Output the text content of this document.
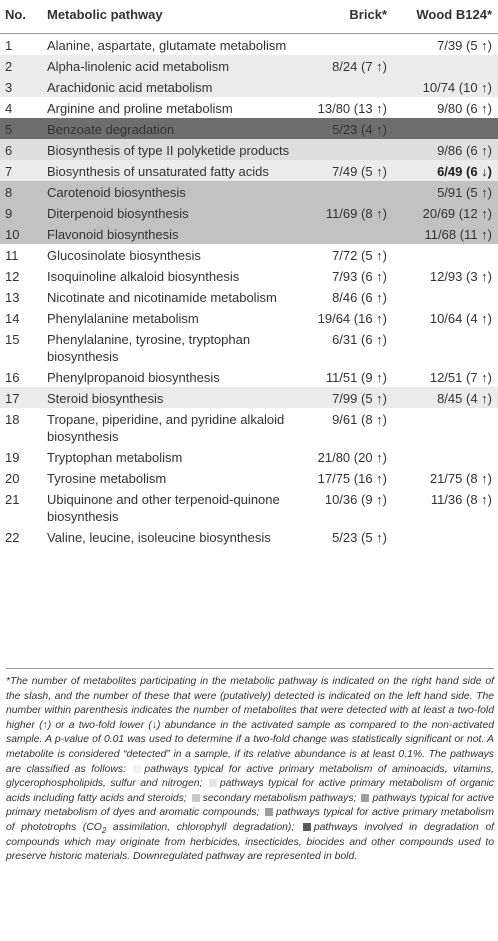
No.	Metabolic pathway	Brick*	Wood B124*
1	Alanine, aspartate, glutamate metabolism		7/39 (5 ↑)
2	Alpha-linolenic acid metabolism	8/24 (7 ↑)	
3	Arachidonic acid metabolism		10/74 (10 ↑)
4	Arginine and proline metabolism	13/80 (13 ↑)	9/80 (6 ↑)
5	Benzoate degradation	5/23 (4 ↑)	
6	Biosynthesis of type II polyketide products		9/86 (6 ↑)
7	Biosynthesis of unsaturated fatty acids	7/49 (5 ↑)	6/49 (6 ↓)
8	Carotenoid biosynthesis		5/91 (5 ↑)
9	Diterpenoid biosynthesis	11/69 (8 ↑)	20/69 (12 ↑)
10	Flavonoid biosynthesis		11/68 (11 ↑)
11	Glucosinolate biosynthesis	7/72 (5 ↑)	
12	Isoquinoline alkaloid biosynthesis	7/93 (6 ↑)	12/93 (3 ↑)
13	Nicotinate and nicotinamide metabolism	8/46 (6 ↑)	
14	Phenylalanine metabolism	19/64 (16 ↑)	10/64 (4 ↑)
15	Phenylalanine, tyrosine, tryptophan biosynthesis	6/31 (6 ↑)	
16	Phenylpropanoid biosynthesis	11/51 (9 ↑)	12/51 (7 ↑)
17	Steroid biosynthesis	7/99 (5 ↑)	8/45 (4 ↑)
18	Tropane, piperidine, and pyridine alkaloid biosynthesis	9/61 (8 ↑)	
19	Tryptophan metabolism	21/80 (20 ↑)	
20	Tyrosine metabolism	17/75 (16 ↑)	21/75 (8 ↑)
21	Ubiquinone and other terpenoid-quinone biosynthesis	10/36 (9 ↑)	11/36 (8 ↑)
22	Valine, leucine, isoleucine biosynthesis	5/23 (5 ↑)	
*The number of metabolites participating in the metabolic pathway is indicated on the right hand side of the slash, and the number of these that were (putatively) detected is indicated on the left hand side. The number within parenthesis indicates the number of metabolites that were detected with at least a two-fold higher (↑) or a two-fold lower (↓) abundance in the activated sample as compared to the non-activated sample. A p-value of 0.01 was used to determine if a two-fold change was statistically significant or not. A metabolite is considered “detected” in a sample, if its relative abundance is at least 0.1%. The pathways are classified as follows: pathways typical for active primary metabolism of aminoacids, vitamins, glycerophospholipids, sulfur and nitrogen; pathways typical for active primary metabolism of organic acids including fatty acids and steroids; secondary metabolism pathways; pathways typical for active primary metabolism of dyes and aromatic compounds; pathways typical for active primary metabolism of phototrophs ($CO_2$ assimilation, chlorophyll degradation); pathways involved in degradation of compounds which may originate from herbicides, insecticides, biocides and other compounds used to preserve historic materials. Downregulated pathway are represented in bold.
